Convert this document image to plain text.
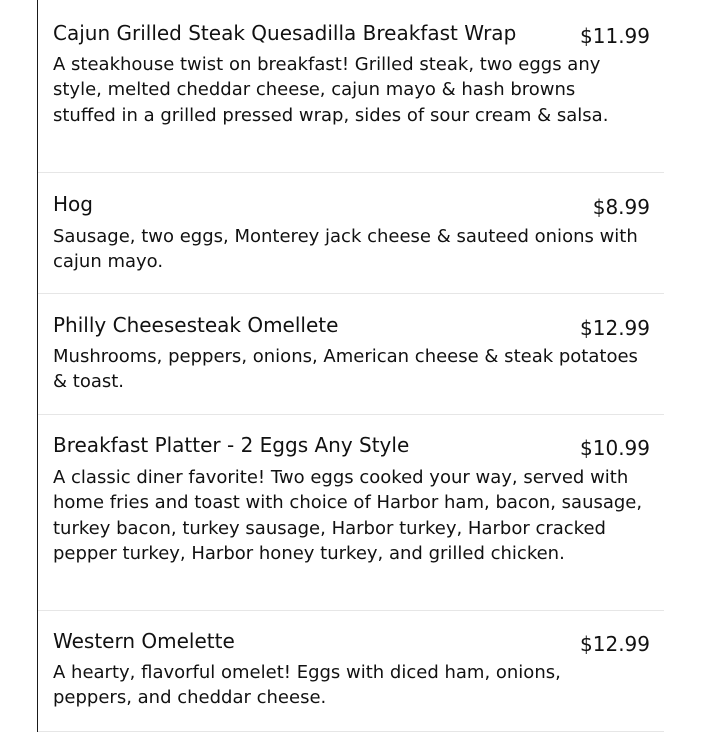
Cajun Grilled Steak Quesadilla Breakfast Wrap	$11.99

A steakhouse twist on breakfast! Grilled steak, two eggs any style, melted cheddar cheese, cajun mayo & hash browns stuffed in a grilled pressed wrap, sides of sour cream & salsa.

Hog	$8.99

Sausage, two eggs, Monterey jack cheese & sauteed onions with cajun mayo.

Philly Cheesesteak Omellete	$12.99

Mushrooms, peppers, onions, American cheese & steak potatoes & toast.

Breakfast Platter - 2 Eggs Any Style	$10.99

A classic diner favorite! Two eggs cooked your way, served with home fries and toast with choice of Harbor ham, bacon, sausage, turkey bacon, turkey sausage, Harbor turkey, Harbor cracked pepper turkey, Harbor honey turkey, and grilled chicken.

Western Omelette	$12.99

A hearty, flavorful omelet! Eggs with diced ham, onions, peppers, and cheddar cheese.
